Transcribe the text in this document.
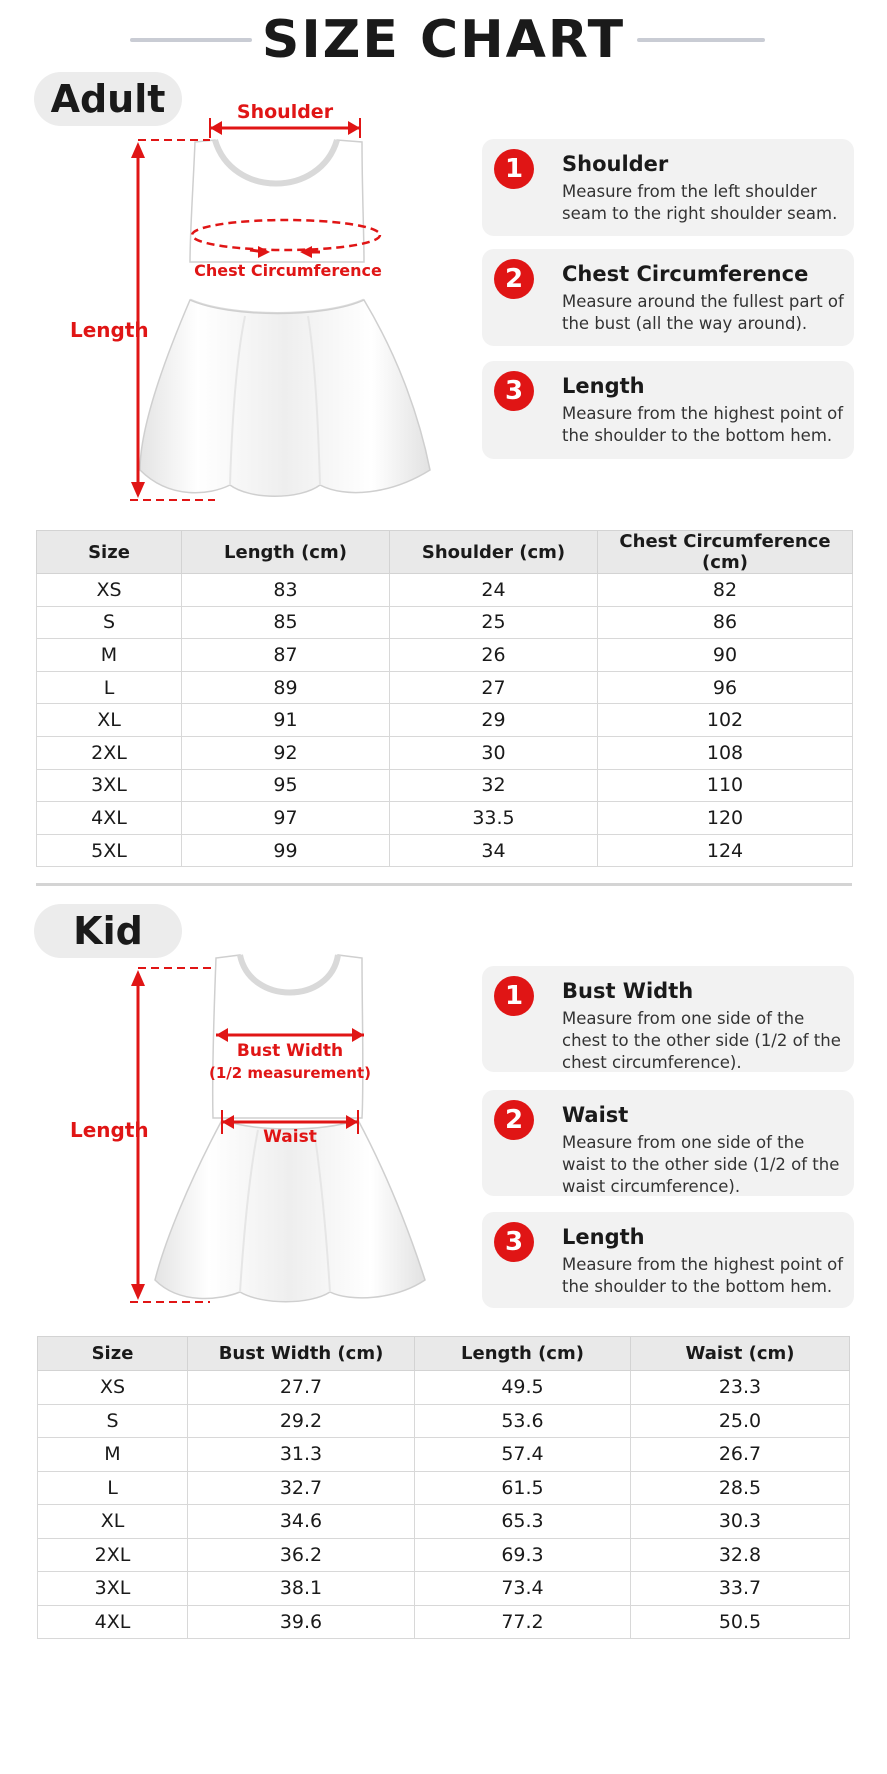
SIZE CHART
Adult	Shoulder
Chest Circumference
Length
1	Shoulder
Measure from the left shoulder seam to the right shoulder seam.
2	Chest Circumference
Measure around the fullest part of the bust (all the way around).
3	Length
Measure from the highest point of the shoulder to the bottom hem.
Size	Length (cm)	Shoulder (cm)	Chest Circumference (cm)
XS	83	24	82
S	85	25	86
M	87	26	90
L	89	27	96
XL	91	29	102
2XL	92	30	108
3XL	95	32	110
4XL	97	33.5	120
5XL	99	34	124
Kid
Bust Width
(1/2 measurement)
Waist
Length
1	Bust Width
Measure from one side of the chest to the other side (1/2 of the chest circumference).
2	Waist
Measure from one side of the waist to the other side (1/2 of the waist circumference).
3	Length
Measure from the highest point of the shoulder to the bottom hem.
Size	Bust Width (cm)	Length (cm)	Waist (cm)
XS	27.7	49.5	23.3
S	29.2	53.6	25.0
M	31.3	57.4	26.7
L	32.7	61.5	28.5
XL	34.6	65.3	30.3
2XL	36.2	69.3	32.8
3XL	38.1	73.4	33.7
4XL	39.6	77.2	50.5
